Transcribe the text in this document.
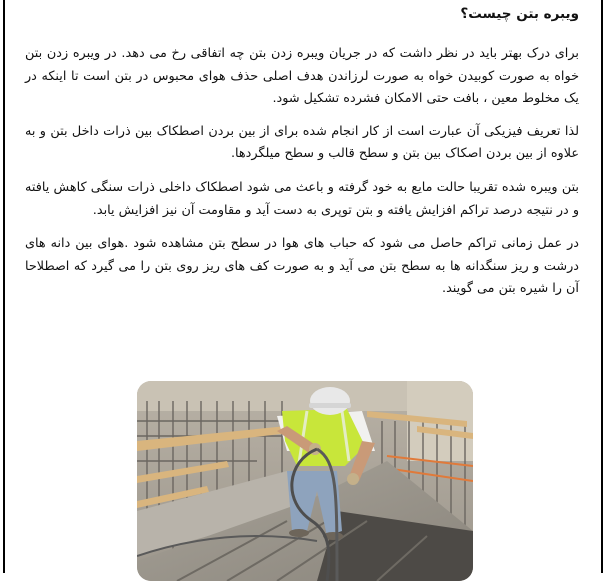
ویبره بتن چیست؟

برای درک بهتر باید در نظر داشت که در جریان ویبره زدن بتن چه اتفاقی رخ می دهد. در ویبره زدن بتن خواه به صورت کوبیدن خواه به صورت لرزاندن هدف اصلی حذف هوای محبوس در بتن است تا اینکه در یک مخلوط معین ، بافت حتی الامکان فشرده تشکیل شود.

لذا تعریف فیزیکی آن عبارت است از کار انجام شده برای از بین بردن اصطکاک بین ذرات داخل بتن و به علاوه از بین بردن اصکاک بین بتن و سطح قالب و سطح میلگردها.

بتن ویبره شده تقریبا حالت مایع به خود گرفته و باعث می شود اصطکاک داخلی ذرات سنگی کاهش یافته و در نتیجه درصد تراکم افزایش یافته و بتن توپری به دست آید و مقاومت آن نیز افزایش یابد.

در عمل زمانی تراکم حاصل می شود که حباب های هوا در سطح بتن مشاهده شود .هوای بین دانه های درشت و ریز سنگدانه ها به سطح بتن می آید و به صورت کف های ریز روی بتن را می گیرد که اصطلاحا آن را شیره بتن می گویند.
